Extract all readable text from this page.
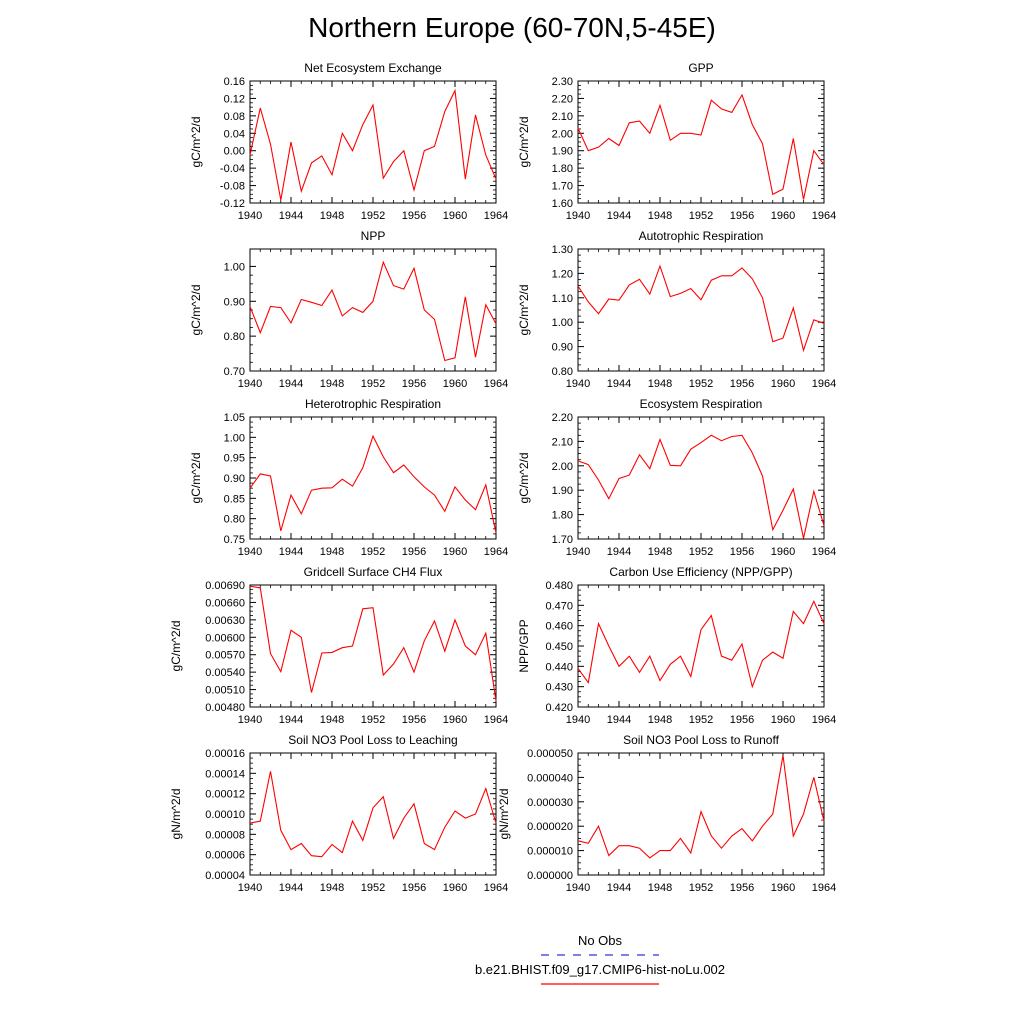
Northern Europe (60-70N,5-45E)
Net Ecosystem Exchange
gC/m^2/d
1940 1944 1948 1952 1956 1960 1964
-0.12
-0.08
-0.04
0.00
0.04
0.08
0.12
0.16
GPP
gC/m^2/d
1940 1944 1948 1952 1956 1960 1964
1.60
1.70
1.80
1.90
2.00
2.10
2.20
2.30
NPP
gC/m^2/d
1940 1944 1948 1952 1956 1960 1964
0.70
0.80
0.90
1.00
Autotrophic Respiration
gC/m^2/d
1940 1944 1948 1952 1956 1960 1964
0.80
0.90
1.00
1.10
1.20
1.30
Heterotrophic Respiration
gC/m^2/d
1940 1944 1948 1952 1956 1960 1964
0.75
0.80
0.85
0.90
0.95
1.00
1.05
Ecosystem Respiration
gC/m^2/d
1940 1944 1948 1952 1956 1960 1964
1.70
1.80
1.90
2.00
2.10
2.20
Gridcell Surface CH4 Flux
gC/m^2/d
1940 1944 1948 1952 1956 1960 1964
0.00480
0.00510
0.00540
0.00570
0.00600
0.00630
0.00660
0.00690
Carbon Use Efficiency (NPP/GPP)
NPP/GPP
1940 1944 1948 1952 1956 1960 1964
0.420
0.430
0.440
0.450
0.460
0.470
0.480
Soil NO3 Pool Loss to Leaching
gN/m^2/d
1940 1944 1948 1952 1956 1960 1964
0.00004
0.00006
0.00008
0.00010
0.00012
0.00014
0.00016
Soil NO3 Pool Loss to Runoff
gN/m^2/d
1940 1944 1948 1952 1956 1960 1964
0.000000
0.000010
0.000020
0.000030
0.000040
0.000050
No Obs
b.e21.BHIST.f09_g17.CMIP6-hist-noLu.002
